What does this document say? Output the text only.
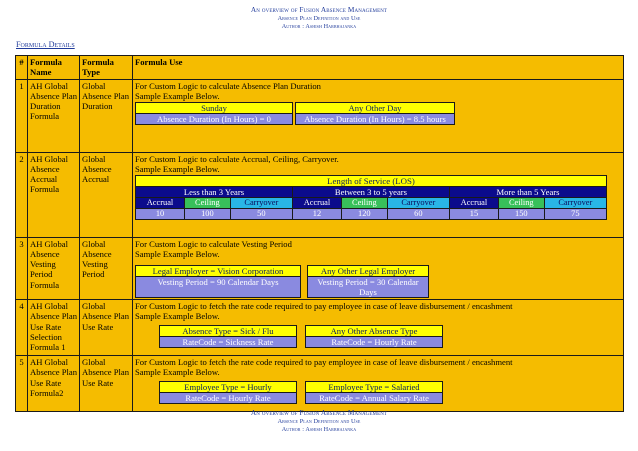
An overview of Fusion Absence Management
Absence Plan Definition and Use
Author : Ashish Harbhajanka
Formula Details
#	Formula Name	Formula Type	Formula Use
1	AH Global Absence Plan Duration Formula	Global Absence Plan Duration	
For Custom Logic to calculate Absence Plan Duration
Sample Example Below.
Sunday		Any Other Day
Absence Duration (In Hours) = 0		Absence Duration (In Hours) = 8.5 hours

2	AH Global Absence Accrual Formula	Global Absence Accrual	
For Custom Logic to calculate Accrual, Ceiling, Carryover.
Sample Example Below.
Length of Service (LOS)
Less than 3 Years	Between 3 to 5 years	More than 5 Years
Accrual	Ceiling	Carryover	Accrual	Ceiling	Carryover	Accrual	Ceiling	Carryover
10	100	50	12	120	60	15	150	75

3	AH Global Absence Vesting Period Formula	Global Absence Vesting Period	
For Custom Logic to calculate Vesting Period
Sample Example Below.
Legal Employer = Vision Corporation		Any Other Legal Employer
Vesting Period = 90 Calendar Days		Vesting Period = 30 Calendar Days

4	AH Global Absence Plan Use Rate Selection Formula 1	Global Absence Plan Use Rate	
For Custom Logic to fetch the rate code required to pay employee in case of leave disbursement / encashment
Sample Example Below.
Absence Type = Sick / Flu		Any Other Absence Type
RateCode = Sickness Rate		RateCode = Hourly Rate

5	AH Global Absence Plan Use Rate Formula2	Global Absence Plan Use Rate	
For Custom Logic to fetch the rate code required to pay employee in case of leave disbursement / encashment
Sample Example Below.
Employee Type = Hourly		Employee Type = Salaried
RateCode = Hourly Rate		RateCode = Annual Salary Rate
An overview of Fusion Absence Management
Absence Plan Definition and Use
Author : Ashish Harbhajanka
